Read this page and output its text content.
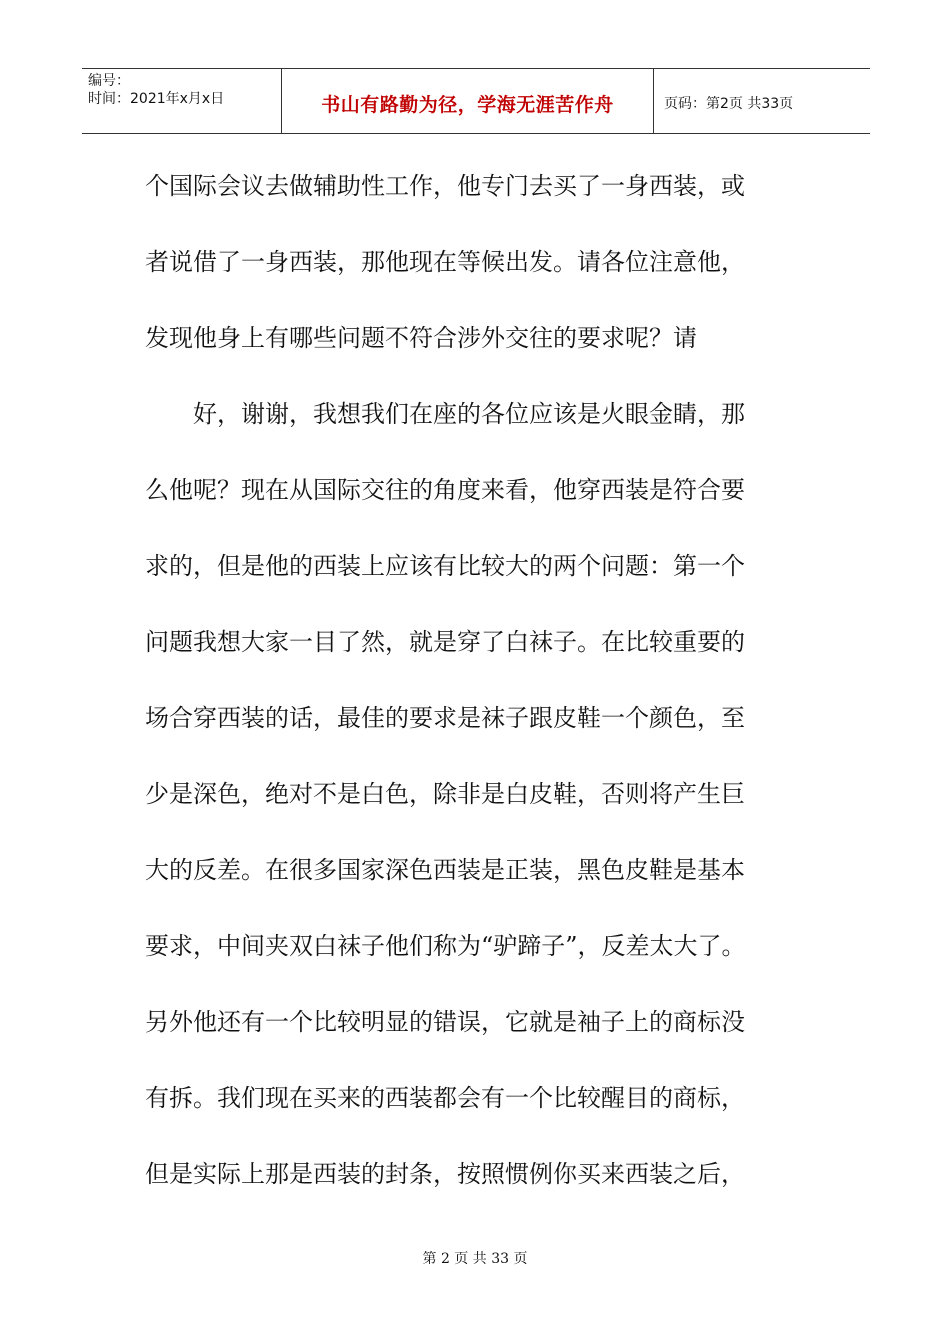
编号：
时间：2021年x月x日	书山有路勤为径，学海无涯苦作舟	页码：第2页 共33页
个国际会议去做辅助性工作，他专门去买了一身西装，或
者说借了一身西装，那他现在等候出发。请各位注意他，
发现他身上有哪些问题不符合涉外交往的要求呢？请
　　好，谢谢，我想我们在座的各位应该是火眼金睛，那
么他呢？现在从国际交往的角度来看，他穿西装是符合要
求的，但是他的西装上应该有比较大的两个问题：第一个
问题我想大家一目了然，就是穿了白袜子。在比较重要的
场合穿西装的话，最佳的要求是袜子跟皮鞋一个颜色，至
少是深色，绝对不是白色，除非是白皮鞋，否则将产生巨
大的反差。在很多国家深色西装是正装，黑色皮鞋是基本
要求，中间夹双白袜子他们称为“驴蹄子”，反差太大了。
另外他还有一个比较明显的错误，它就是袖子上的商标没
有拆。我们现在买来的西装都会有一个比较醒目的商标，
但是实际上那是西装的封条，按照惯例你买来西装之后，
第 2 页 共 33 页
